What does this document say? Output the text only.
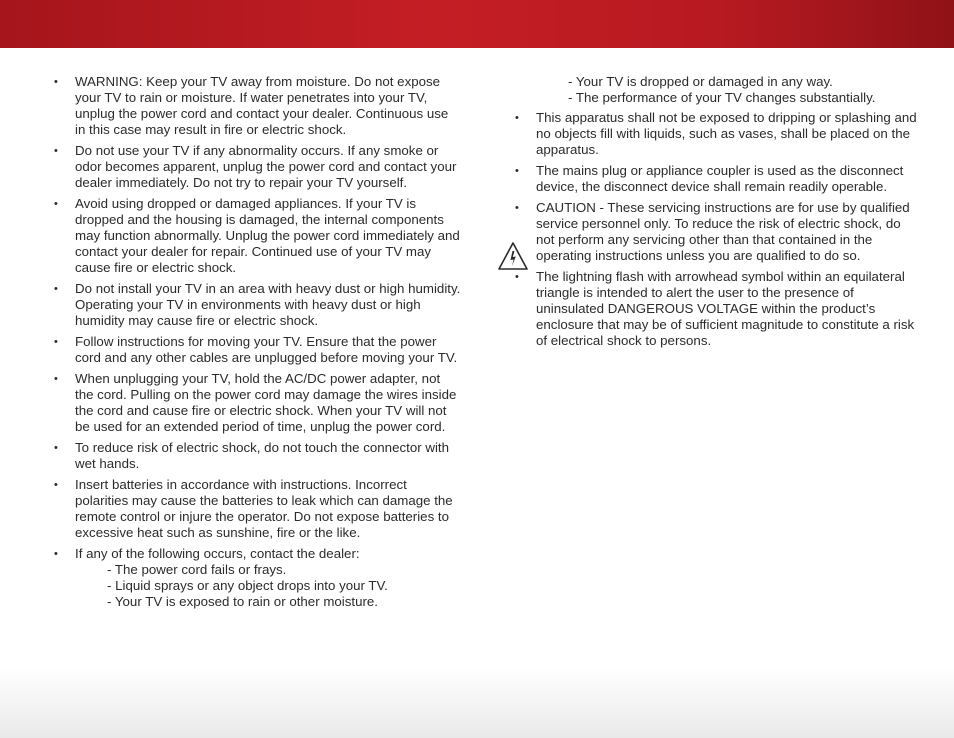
• WARNING: Keep your TV away from moisture. Do not expose your TV to rain or moisture. If water penetrates into your TV, unplug the power cord and contact your dealer. Continuous use in this case may result in fire or electric shock.
• Do not use your TV if any abnormality occurs. If any smoke or odor becomes apparent, unplug the power cord and contact your dealer immediately. Do not try to repair your TV yourself.
• Avoid using dropped or damaged appliances. If your TV is dropped and the housing is damaged, the internal components may function abnormally. Unplug the power cord immediately and contact your dealer for repair. Continued use of your TV may cause fire or electric shock.
• Do not install your TV in an area with heavy dust or high humidity. Operating your TV in environments with heavy dust or high humidity may cause fire or electric shock.
• Follow instructions for moving your TV. Ensure that the power cord and any other cables are unplugged before moving your TV.
• When unplugging your TV, hold the AC/DC power adapter, not the cord. Pulling on the power cord may damage the wires inside the cord and cause fire or electric shock. When your TV will not be used for an extended period of time, unplug the power cord.
• To reduce risk of electric shock, do not touch the connector with wet hands.
• Insert batteries in accordance with instructions. Incorrect polarities may cause the batteries to leak which can damage the remote control or injure the operator. Do not expose batteries to excessive heat such as sunshine, fire or the like.
• If any of the following occurs, contact the dealer:
- The power cord fails or frays.
- Liquid sprays or any object drops into your TV.
- Your TV is exposed to rain or other moisture.
- Your TV is dropped or damaged in any way.
- The performance of your TV changes substantially.
• This apparatus shall not be exposed to dripping or splashing and no objects fill with liquids, such as vases, shall be placed on the apparatus.
• The mains plug or appliance coupler is used as the disconnect device, the disconnect device shall remain readily operable.
• CAUTION - These servicing instructions are for use by qualified service personnel only. To reduce the risk of electric shock, do not perform any servicing other than that contained in the operating instructions unless you are qualified to do so.
• The lightning flash with arrowhead symbol within an equilateral triangle is intended to alert the user to the presence of uninsulated DANGEROUS VOLTAGE within the product’s enclosure that may be of sufficient magnitude to constitute a risk of electrical shock to persons.
